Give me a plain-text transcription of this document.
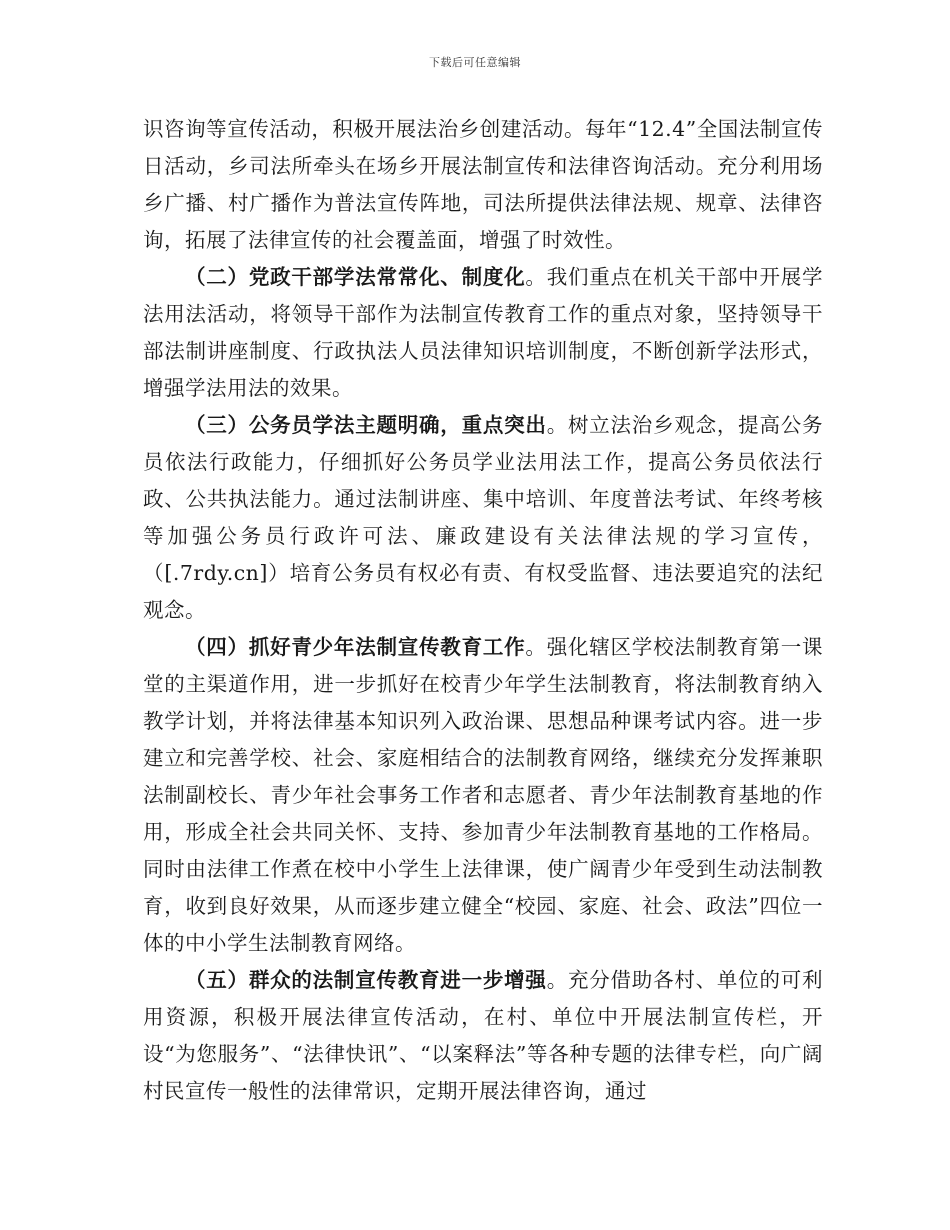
下载后可任意编辑

识咨询等宣传活动，积极开展法治乡创建活动。每年“12.4”全国法制宣传日活动，乡司法所牵头在场乡开展法制宣传和法律咨询活动。充分利用场乡广播、村广播作为普法宣传阵地，司法所提供法律法规、规章、法律咨询，拓展了法律宣传的社会覆盖面，增强了时效性。

（二）党政干部学法常常化、制度化。我们重点在机关干部中开展学法用法活动，将领导干部作为法制宣传教育工作的重点对象，坚持领导干部法制讲座制度、行政执法人员法律知识培训制度，不断创新学法形式，增强学法用法的效果。

（三）公务员学法主题明确，重点突出。树立法治乡观念，提高公务员依法行政能力，仔细抓好公务员学业法用法工作，提高公务员依法行政、公共执法能力。通过法制讲座、集中培训、年度普法考试、年终考核等加强公务员行政许可法、廉政建设有关法律法规的学习宣传，（[.7rdy.cn]）培育公务员有权必有责、有权受监督、违法要追究的法纪观念。

（四）抓好青少年法制宣传教育工作。强化辖区学校法制教育第一课堂的主渠道作用，进一步抓好在校青少年学生法制教育，将法制教育纳入教学计划，并将法律基本知识列入政治课、思想品种课考试内容。进一步建立和完善学校、社会、家庭相结合的法制教育网络，继续充分发挥兼职法制副校长、青少年社会事务工作者和志愿者、青少年法制教育基地的作用，形成全社会共同关怀、支持、参加青少年法制教育基地的工作格局。同时由法律工作煮在校中小学生上法律课，使广阔青少年受到生动法制教育，收到良好效果，从而逐步建立健全“校园、家庭、社会、政法”四位一体的中小学生法制教育网络。

（五）群众的法制宣传教育进一步增强。充分借助各村、单位的可利用资源，积极开展法律宣传活动，在村、单位中开展法制宣传栏，开设“为您服务”、“法律快讯”、“以案释法”等各种专题的法律专栏，向广阔村民宣传一般性的法律常识，定期开展法律咨询，通过
